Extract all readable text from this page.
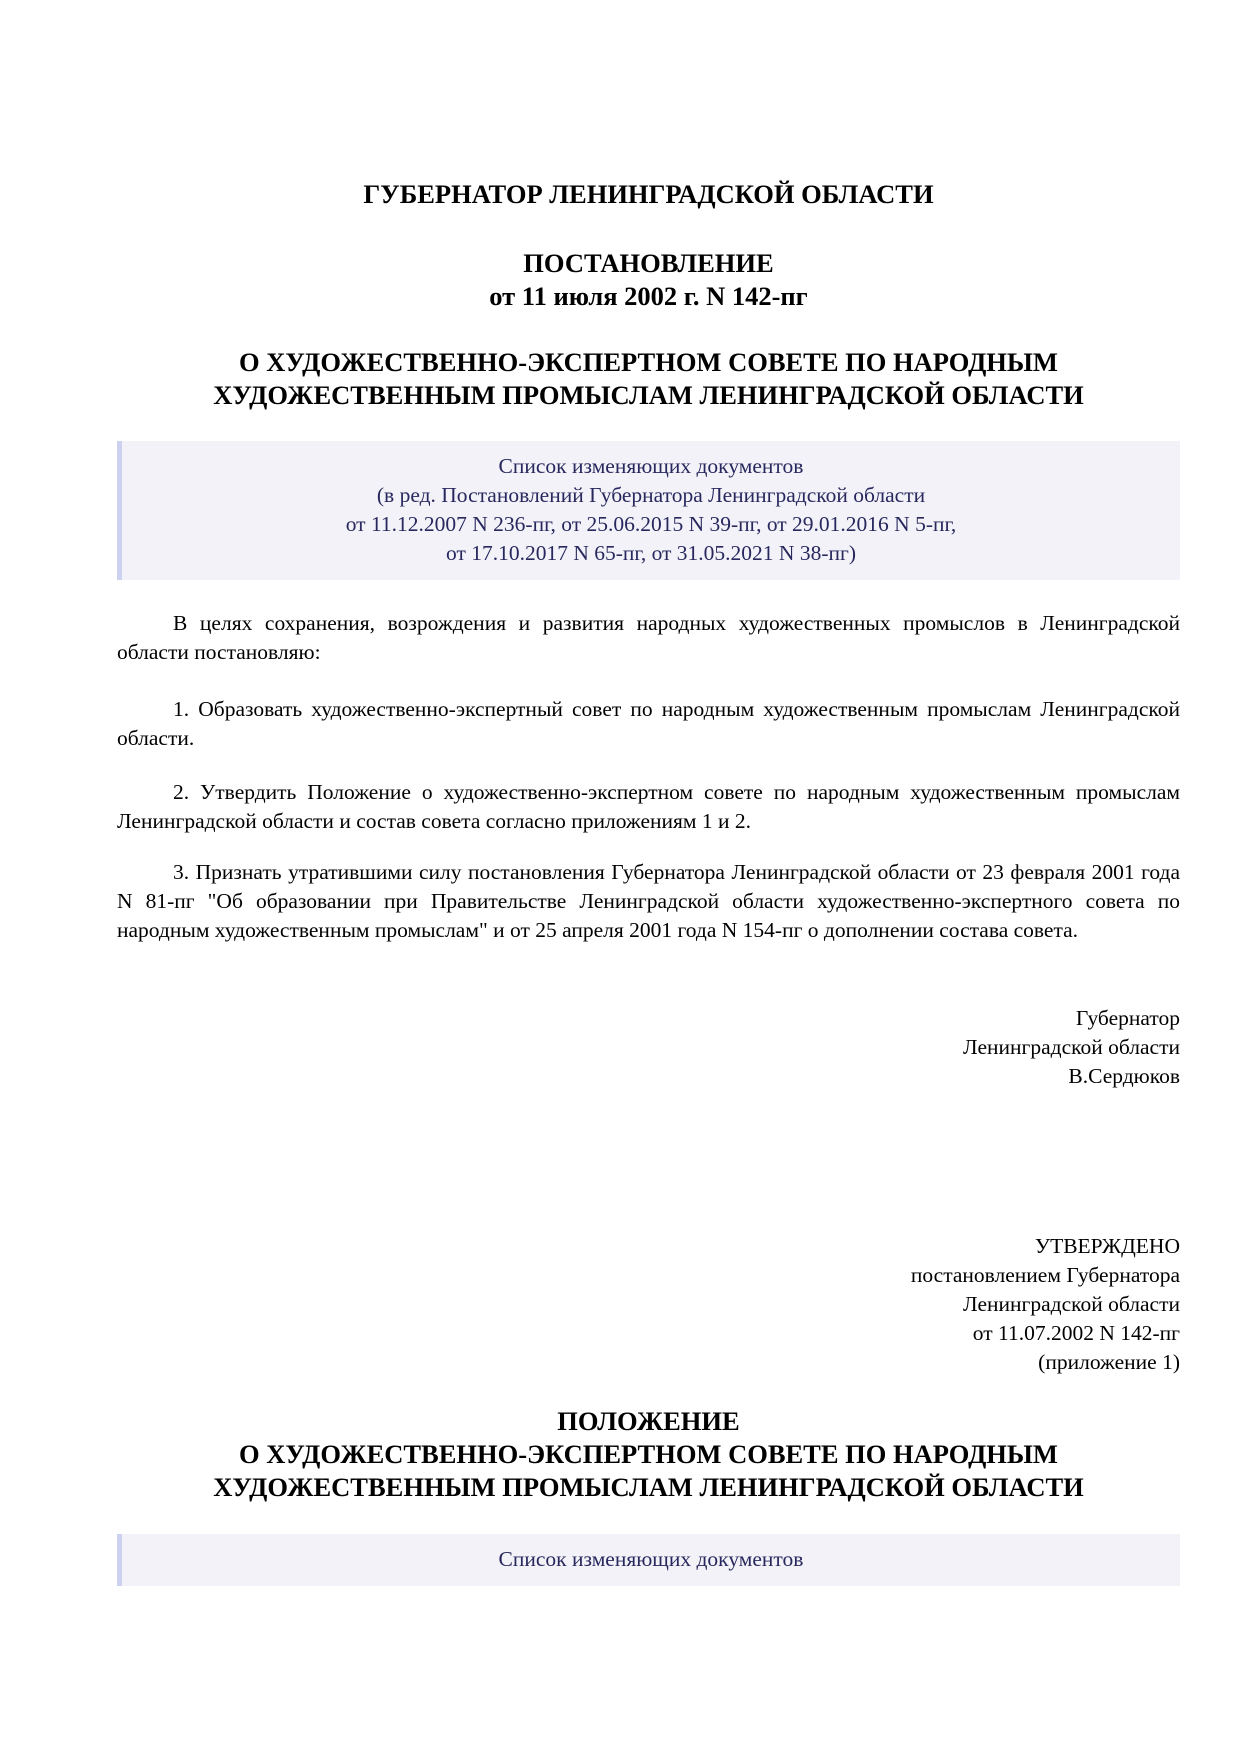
ГУБЕРНАТОР ЛЕНИНГРАДСКОЙ ОБЛАСТИ
ПОСТАНОВЛЕНИЕ
от 11 июля 2002 г. N 142-пг
О ХУДОЖЕСТВЕННО-ЭКСПЕРТНОМ СОВЕТЕ ПО НАРОДНЫМ
ХУДОЖЕСТВЕННЫМ ПРОМЫСЛАМ ЛЕНИНГРАДСКОЙ ОБЛАСТИ
Список изменяющих документов
(в ред. Постановлений Губернатора Ленинградской области
от 11.12.2007 N 236-пг, от 25.06.2015 N 39-пг, от 29.01.2016 N 5-пг,
от 17.10.2017 N 65-пг, от 31.05.2021 N 38-пг)
В целях сохранения, возрождения и развития народных художественных промыслов в Ленинградской области постановляю:
1. Образовать художественно-экспертный совет по народным художественным промыслам Ленинградской области.
2. Утвердить Положение о художественно-экспертном совете по народным художественным промыслам Ленинградской области и состав совета согласно приложениям 1 и 2.
3. Признать утратившими силу постановления Губернатора Ленинградской области от 23 февраля 2001 года N 81-пг "Об образовании при Правительстве Ленинградской области художественно-экспертного совета по народным художественным промыслам" и от 25 апреля 2001 года N 154-пг о дополнении состава совета.
Губернатор
Ленинградской области
В.Сердюков
УТВЕРЖДЕНО
постановлением Губернатора
Ленинградской области
от 11.07.2002 N 142-пг
(приложение 1)
ПОЛОЖЕНИЕ
О ХУДОЖЕСТВЕННО-ЭКСПЕРТНОМ СОВЕТЕ ПО НАРОДНЫМ
ХУДОЖЕСТВЕННЫМ ПРОМЫСЛАМ ЛЕНИНГРАДСКОЙ ОБЛАСТИ
Список изменяющих документов
